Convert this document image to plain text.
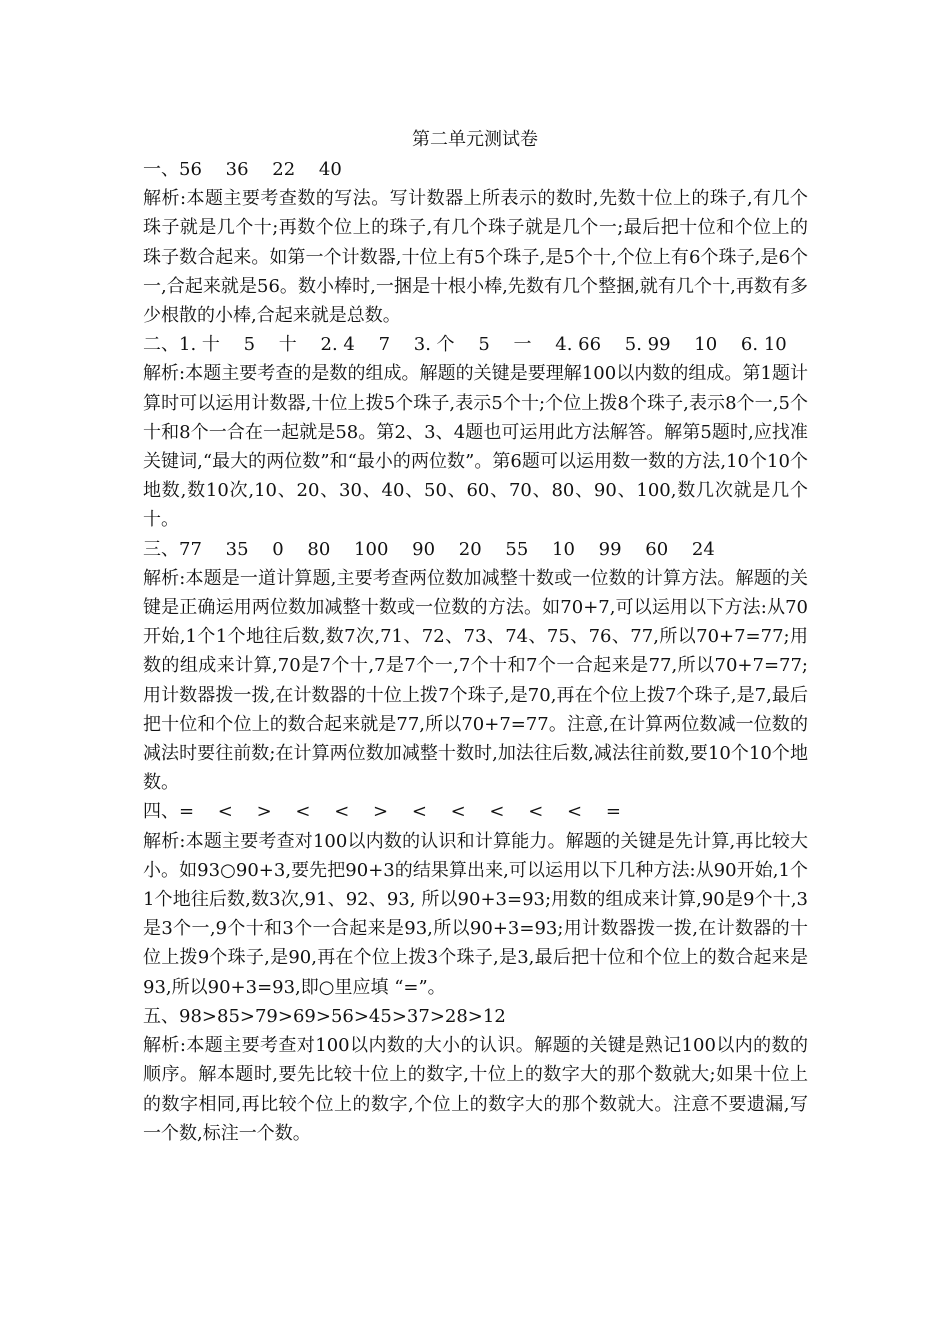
第二单元测试卷

一、56　 36　 22　 40

解析:本题主要考查数的写法。写计数器上所表示的数时,先数十位上的珠子,有几个珠子就是几个十;再数个位上的珠子,有几个珠子就是几个一;最后把十位和个位上的珠子数合起来。如第一个计数器,十位上有5个珠子,是5个十,个位上有6个珠子,是6个一,合起来就是56。数小棒时,一捆是十根小棒,先数有几个整捆,就有几个十,再数有多少根散的小棒,合起来就是总数。

二、1. 十　 5　 十　 2. 4　 7　 3. 个　 5　 一　 4. 66　 5. 99　 10　 6. 10

解析:本题主要考查的是数的组成。解题的关键是要理解100以内数的组成。第1题计算时可以运用计数器,十位上拨5个珠子,表示5个十;个位上拨8个珠子,表示8个一,5个十和8个一合在一起就是58。第2、3、4题也可运用此方法解答。解第5题时,应找准关键词,“最大的两位数”和“最小的两位数”。第6题可以运用数一数的方法,10个10个地数,数10次,10、20、30、40、50、60、70、80、90、100,数几次就是几个十。

三、77　 35　 0　 80　 100　 90　 20　 55　 10　 99　 60　 24

解析:本题是一道计算题,主要考查两位数加减整十数或一位数的计算方法。解题的关键是正确运用两位数加减整十数或一位数的方法。如70+7,可以运用以下方法:从70开始,1个1个地往后数,数7次,71、72、73、74、75、76、77,所以70+7=77;用数的组成来计算,70是7个十,7是7个一,7个十和7个一合起来是77,所以70+7=77;用计数器拨一拨,在计数器的十位上拨7个珠子,是70,再在个位上拨7个珠子,是7,最后把十位和个位上的数合起来就是77,所以70+7=77。注意,在计算两位数减一位数的减法时要往前数;在计算两位数加减整十数时,加法往后数,减法往前数,要10个10个地数。

四、=　 <　 >　 <　 <　 >　 <　 <　 <　 <　 <　 =

解析:本题主要考查对100以内数的认识和计算能力。解题的关键是先计算,再比较大小。如93○90+3,要先把90+3的结果算出来,可以运用以下几种方法:从90开始,1个1个地往后数,数3次,91、92、93, 所以90+3=93;用数的组成来计算,90是9个十,3是3个一,9个十和3个一合起来是93,所以90+3=93;用计数器拨一拨,在计数器的十位上拨9个珠子,是90,再在个位上拨3个珠子,是3,最后把十位和个位上的数合起来是93,所以90+3=93,即○里应填 “=”。

五、98>85>79>69>56>45>37>28>12

解析:本题主要考查对100以内数的大小的认识。解题的关键是熟记100以内的数的顺序。解本题时,要先比较十位上的数字,十位上的数字大的那个数就大;如果十位上的数字相同,再比较个位上的数字,个位上的数字大的那个数就大。注意不要遗漏,写一个数,标注一个数。
